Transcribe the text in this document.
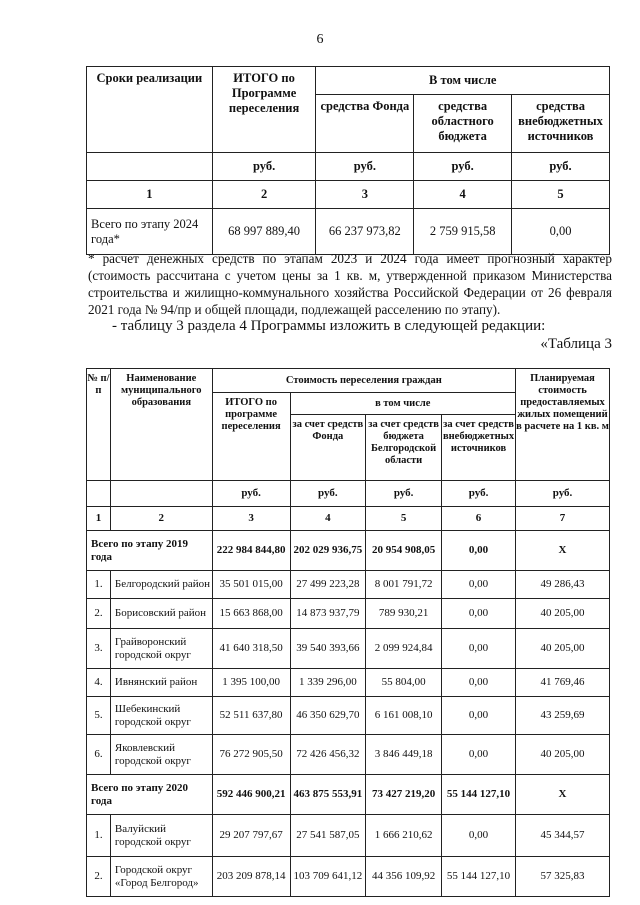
6
Сроки реализации	ИТОГО по Программе переселения	В том числе		
		средства Фонда	средства областного бюджета	средства внебюджетных источников
	руб.	руб.	руб.	руб.
1	2	3	4	5
Всего по этапу 2024 года*	68 997 889,40	66 237 973,82	2 759 915,58	0,00
* расчет денежных средств по этапам 2023 и 2024 года имеет прогнозный характер (стоимость рассчитана с учетом цены за 1 кв. м, утвержденной приказом Министерства строительства и жилищно-коммунального хозяйства Российской Федерации от 26 февраля 2021 года № 94/пр и общей площади, подлежащей расселению по этапу).
- таблицу 3 раздела 4 Программы изложить в следующей редакции:
«Таблица 3
№ п/п	Наименование муниципального образования	Стоимость переселения граждан				Планируемая стоимость предоставляемых жилых помещений в расчете на 1 кв. м
		ИТОГО по программе переселения	в том числе			
			за счет средств Фонда	за счет средств бюджета Белгородской области	за счет средств внебюджетных источников	
		руб.	руб.	руб.	руб.	руб.
1	2	3	4	5	6	7
Всего по этапу 2019 года		222 984 844,80	202 029 936,75	20 954 908,05	0,00	Х
1.	Белгородский район	35 501 015,00	27 499 223,28	8 001 791,72	0,00	49 286,43
2.	Борисовский район	15 663 868,00	14 873 937,79	789 930,21	0,00	40 205,00
3.	Грайворонский городской округ	41 640 318,50	39 540 393,66	2 099 924,84	0,00	40 205,00
4.	Ивнянский район	1 395 100,00	1 339 296,00	55 804,00	0,00	41 769,46
5.	Шебекинский городской округ	52 511 637,80	46 350 629,70	6 161 008,10	0,00	43 259,69
6.	Яковлевский городской округ	76 272 905,50	72 426 456,32	3 846 449,18	0,00	40 205,00
Всего по этапу 2020 года		592 446 900,21	463 875 553,91	73 427 219,20	55 144 127,10	Х
1.	Валуйский городской округ	29 207 797,67	27 541 587,05	1 666 210,62	0,00	45 344,57
2.	Городской округ «Город Белгород»	203 209 878,14	103 709 641,12	44 356 109,92	55 144 127,10	57 325,83
